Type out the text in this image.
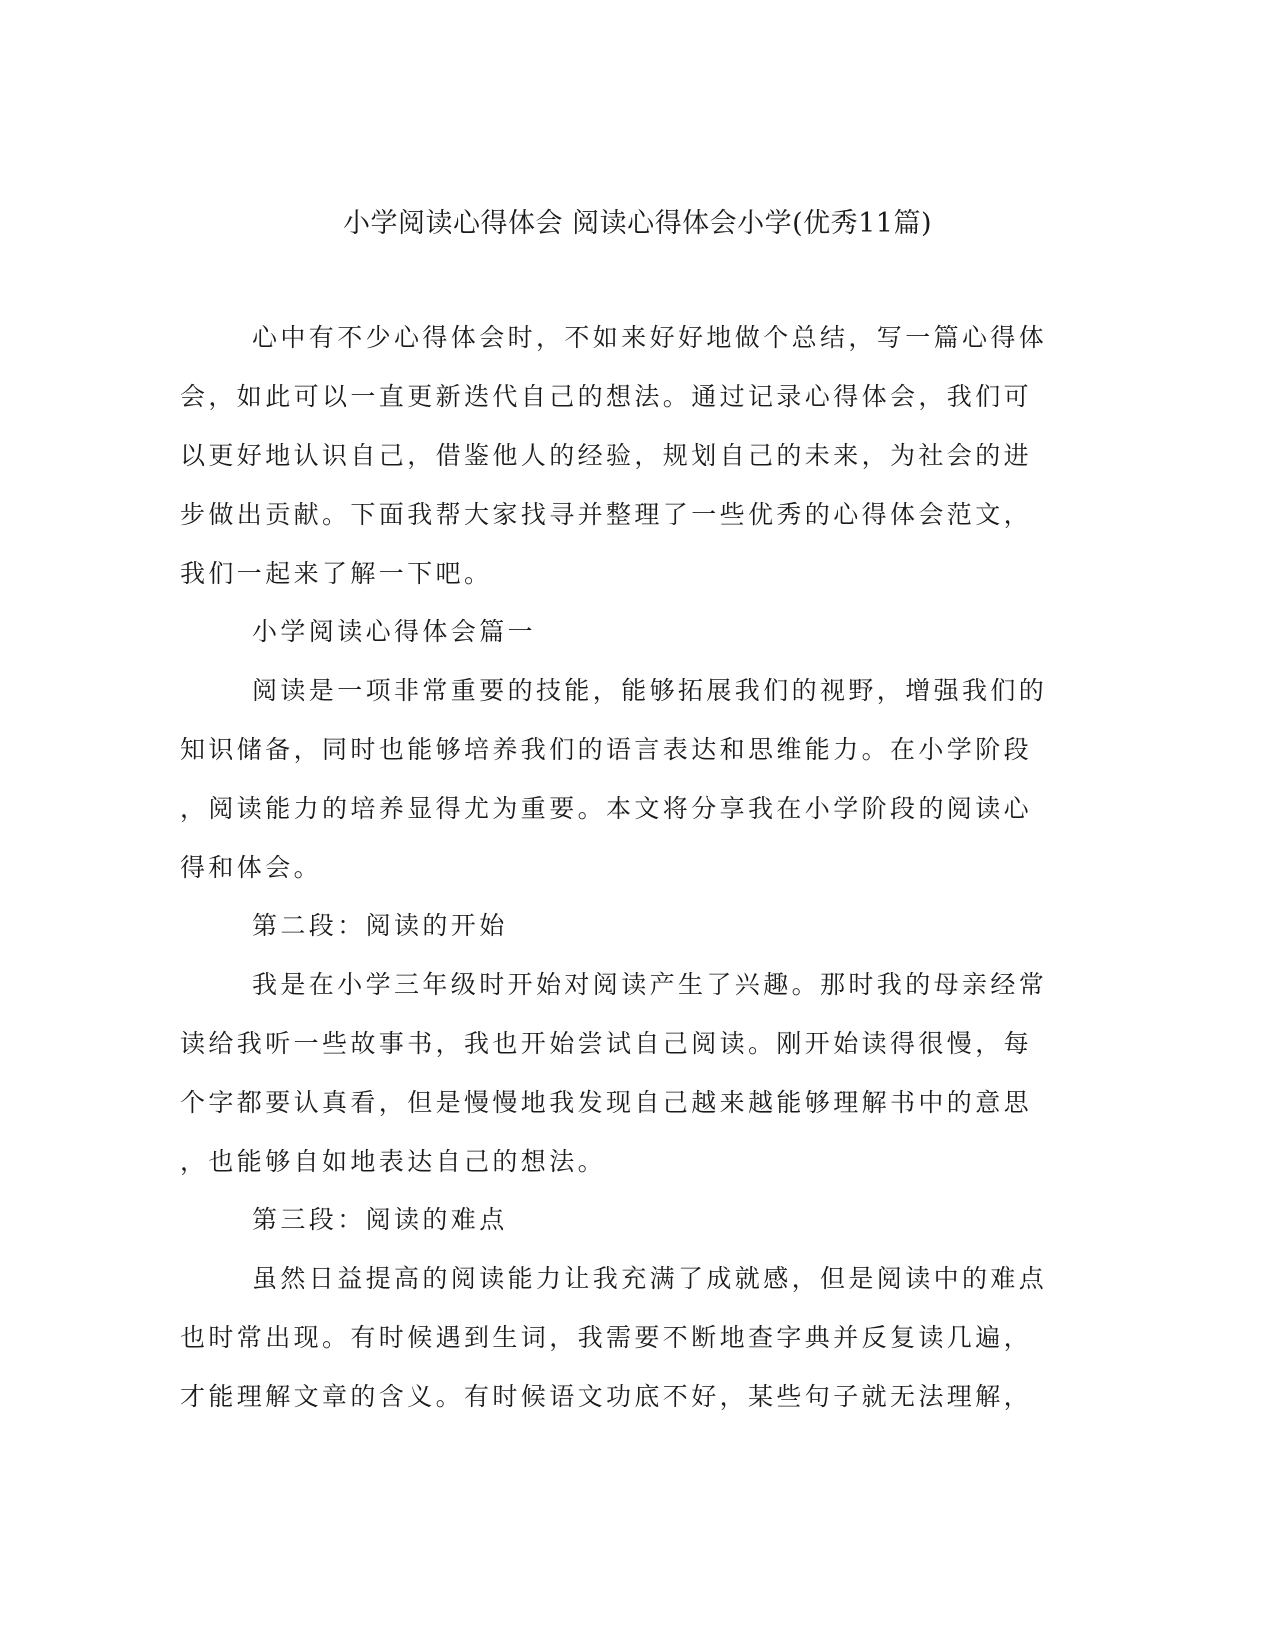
小学阅读心得体会 阅读心得体会小学(优秀11篇)
心中有不少心得体会时，不如来好好地做个总结，写一篇心得体
会，如此可以一直更新迭代自己的想法。通过记录心得体会，我们可
以更好地认识自己，借鉴他人的经验，规划自己的未来，为社会的进
步做出贡献。下面我帮大家找寻并整理了一些优秀的心得体会范文，
我们一起来了解一下吧。
小学阅读心得体会篇一
阅读是一项非常重要的技能，能够拓展我们的视野，增强我们的
知识储备，同时也能够培养我们的语言表达和思维能力。在小学阶段
，阅读能力的培养显得尤为重要。本文将分享我在小学阶段的阅读心
得和体会。
第二段：阅读的开始
我是在小学三年级时开始对阅读产生了兴趣。那时我的母亲经常
读给我听一些故事书，我也开始尝试自己阅读。刚开始读得很慢，每
个字都要认真看，但是慢慢地我发现自己越来越能够理解书中的意思
，也能够自如地表达自己的想法。
第三段：阅读的难点
虽然日益提高的阅读能力让我充满了成就感，但是阅读中的难点
也时常出现。有时候遇到生词，我需要不断地查字典并反复读几遍，
才能理解文章的含义。有时候语文功底不好，某些句子就无法理解，
